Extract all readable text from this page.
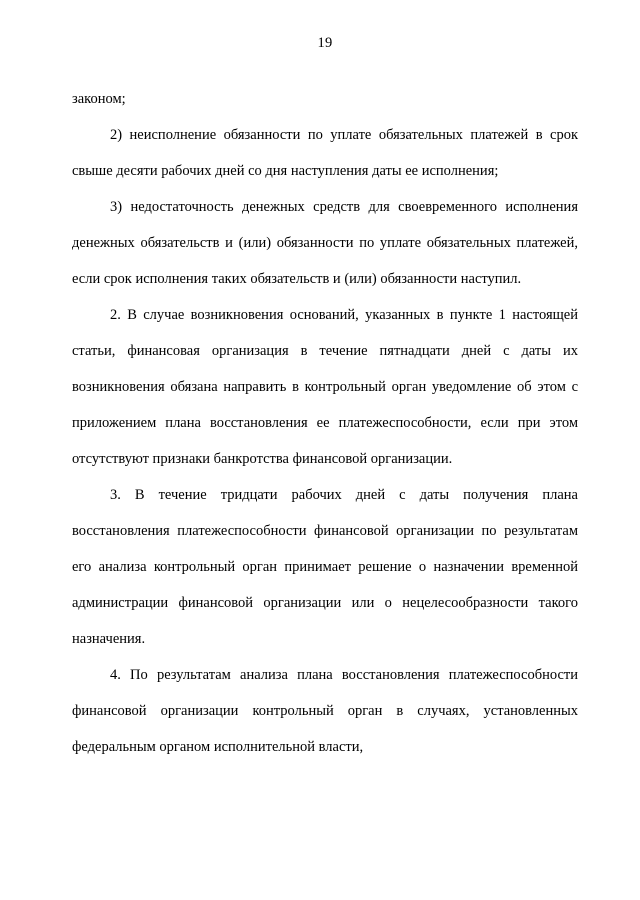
19

законом;

2) неисполнение обязанности по уплате обязательных платежей в срок свыше десяти рабочих дней со дня наступления даты ее исполнения;

3) недостаточность денежных средств для своевременного исполнения денежных обязательств и (или) обязанности по уплате обязательных платежей, если срок исполнения таких обязательств и (или) обязанности наступил.

2. В случае возникновения оснований, указанных в пункте 1 настоящей статьи, финансовая организация в течение пятнадцати дней с даты их возникновения обязана направить в контрольный орган уведомление об этом с приложением плана восстановления ее платежеспособности, если при этом отсутствуют признаки банкротства финансовой организации.

3. В течение тридцати рабочих дней с даты получения плана восстановления платежеспособности финансовой организации по результатам его анализа контрольный орган принимает решение о назначении временной администрации финансовой организации или о нецелесообразности такого назначения.

4. По результатам анализа плана восстановления платежеспособности финансовой организации контрольный орган в случаях, установленных федеральным органом исполнительной власти,
